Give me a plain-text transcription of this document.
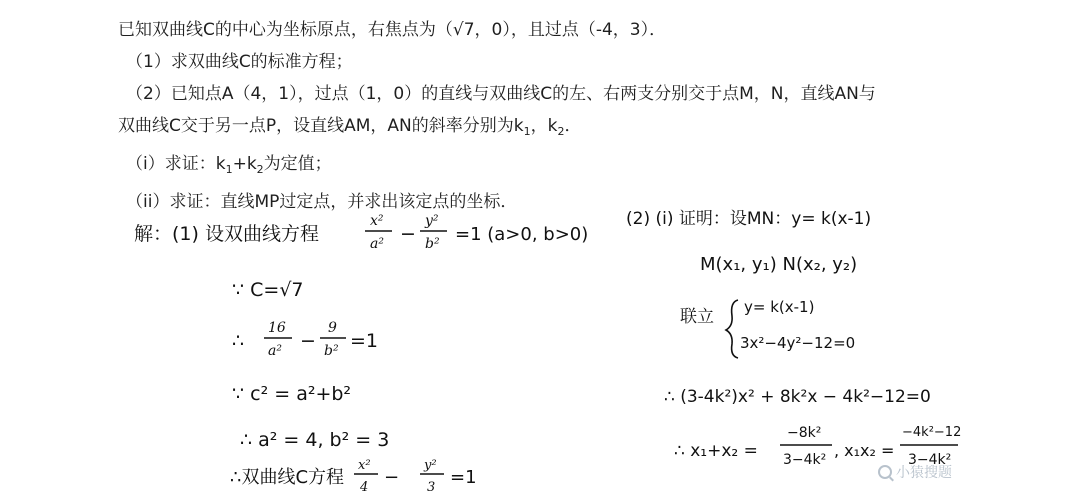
已知双曲线C的中心为坐标原点，右焦点为（√7，0），且过点（-4，3）．
（1）求双曲线C的标准方程；
（2）已知点A（4，1），过点（1，0）的直线与双曲线C的左、右两支分别交于点M，N，直线AN与
双曲线C交于另一点P，设直线AM，AN的斜率分别为$k_1$，$k_2$．
（i）求证：$k_1+k_2$为定值；
（ii）求证：直线MP过定点，并求出该定点的坐标．
解：(1) 设双曲线方程
x²
a² −
y²
b² =1 (a>0, b>0)
∵ C=√7
∴
16
a² −
9
b² =1
∵ c² = a²+b²
∴ a² = 4, b² = 3
∴双曲线C方程
x²
4 −
y²
3 =1
(2) (i) 证明：设MN：y= k(x-1)
M(x₁, y₁) N(x₂, y₂)
联立 y= k(x-1)
3x²−4y²−12=0
∴ (3-4k²)x² + 8k²x − 4k²−12=0
∴ x₁+x₂ =
−8k²
3−4k² , x₁x₂ =
−4k²−12
3−4k²
小猿搜题
